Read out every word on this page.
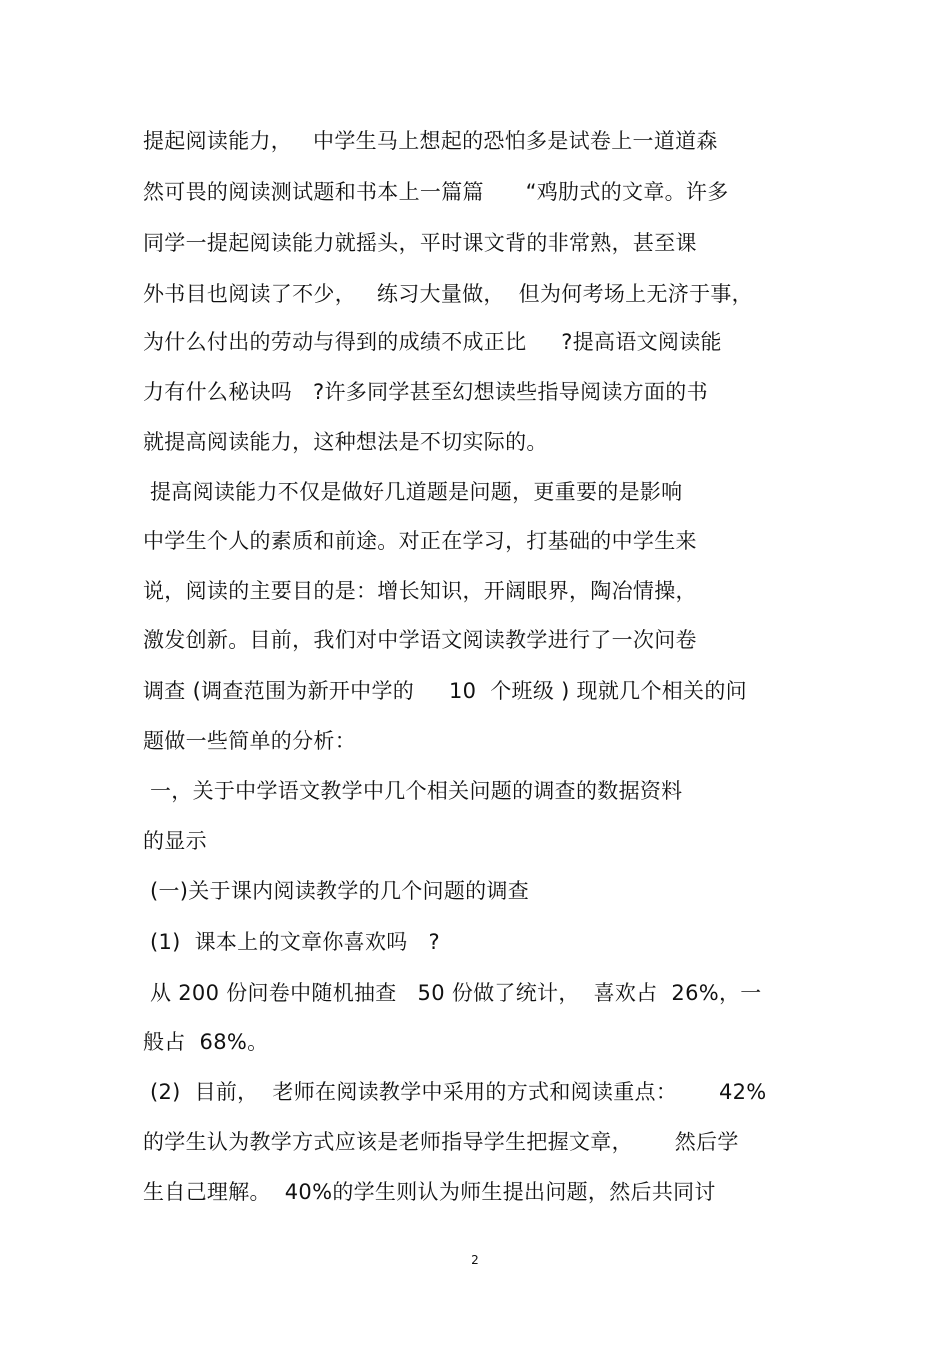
提起阅读能力，   中学生马上想起的恐怕多是试卷上一道道森
然可畏的阅读测试题和书本上一篇篇      “鸡肋式的文章。许多
同学一提起阅读能力就摇头，平时课文背的非常熟，甚至课
外书目也阅读了不少，   练习大量做，  但为何考场上无济于事，
为什么付出的劳动与得到的成绩不成正比     ?提高语文阅读能
力有什么秘诀吗   ?许多同学甚至幻想读些指导阅读方面的书
就提高阅读能力，这种想法是不切实际的。
提高阅读能力不仅是做好几道题是问题，更重要的是影响
中学生个人的素质和前途。对正在学习，打基础的中学生来
说，阅读的主要目的是：增长知识，开阔眼界，陶冶情操，
激发创新。目前，我们对中学语文阅读教学进行了一次问卷
调查 (调查范围为新开中学的     10  个班级 ) 现就几个相关的问
题做一些简单的分析：
一，关于中学语文教学中几个相关问题的调查的数据资料
的显示
(一)关于课内阅读教学的几个问题的调查
(1)  课本上的文章你喜欢吗   ?
从 200 份问卷中随机抽查   50 份做了统计，  喜欢占  26%，一
般占  68%。
(2)  目前，  老师在阅读教学中采用的方式和阅读重点：      42%
的学生认为教学方式应该是老师指导学生把握文章，      然后学
生自己理解。  40%的学生则认为师生提出问题，然后共同讨
2
